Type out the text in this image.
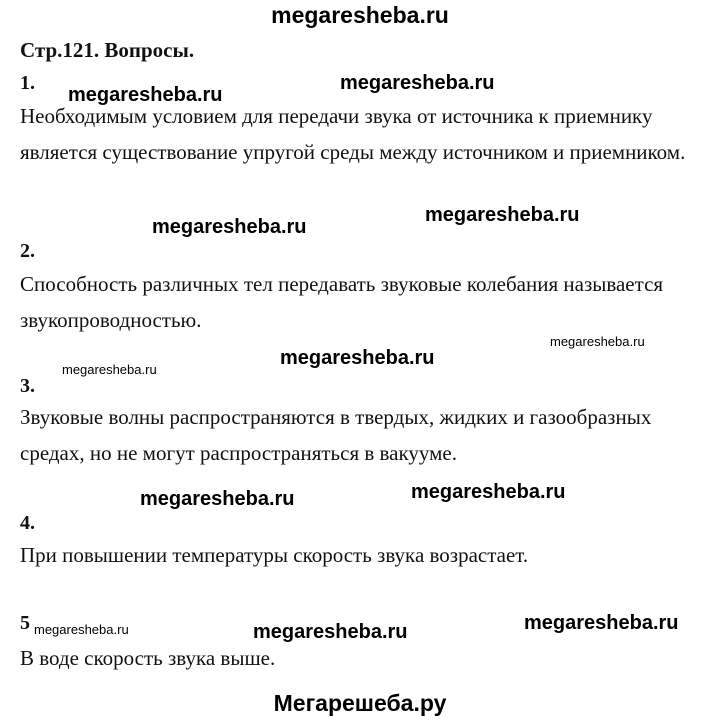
megaresheba.ru
Стр.121. Вопросы.
1.
Необходимым условием для передачи звука от источника к приемнику является существование упругой среды между источником и приемником.
2.
Способность различных тел передавать звуковые колебания называется звукопроводностью.
3.
Звуковые волны распространяются в твердых, жидких и газообразных средах, но не могут распространяться в вакууме.
4.
При повышении температуры скорость звука возрастает.
5
В воде скорость звука выше.
megaresheba.ru
megaresheba.ru
megaresheba.ru
megaresheba.ru
megaresheba.ru
megaresheba.ru
megaresheba.ru
megaresheba.ru
megaresheba.ru
megaresheba.ru
megaresheba.ru
megaresheba.ru
Мегарешеба.ру
